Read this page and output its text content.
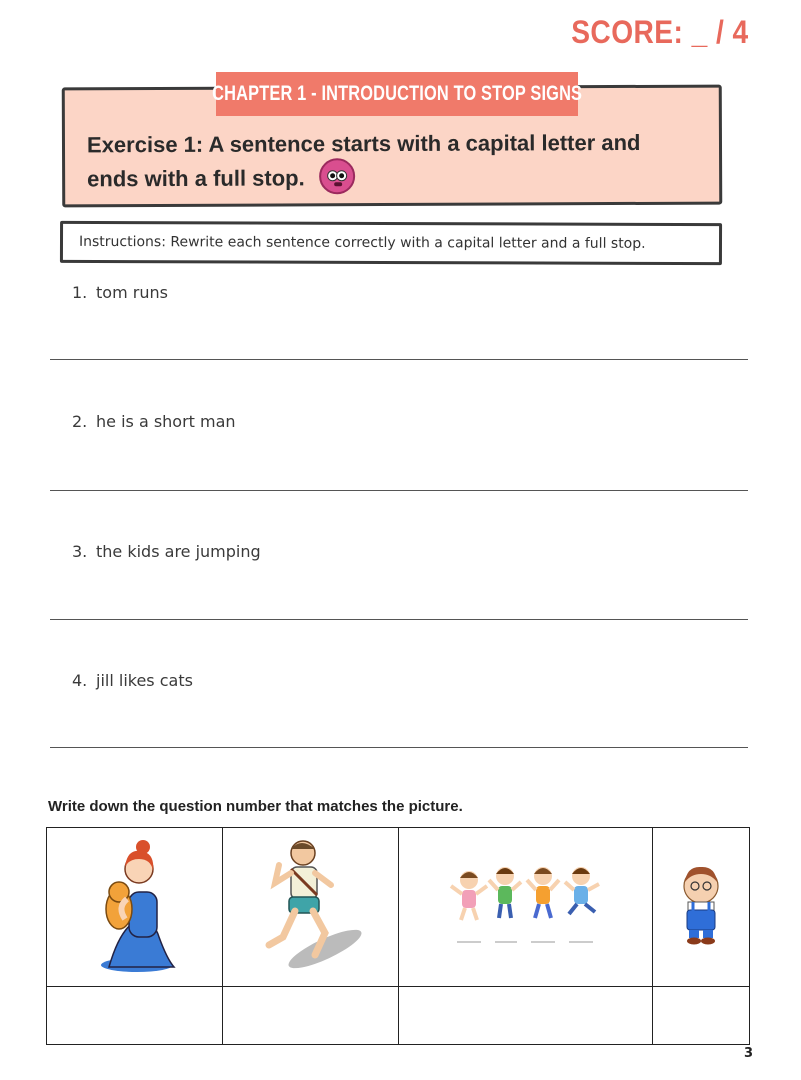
SCORE: _ / 4
CHAPTER 1 - INTRODUCTION TO STOP SIGNS
Exercise 1: A sentence starts with a capital letter and ends with a full stop.
Instructions: Rewrite each sentence correctly with a capital letter and a full stop.
1. tom runs
2. he is a short man
3. the kids are jumping
4. jill likes cats
Write down the question number that matches the picture.

3
